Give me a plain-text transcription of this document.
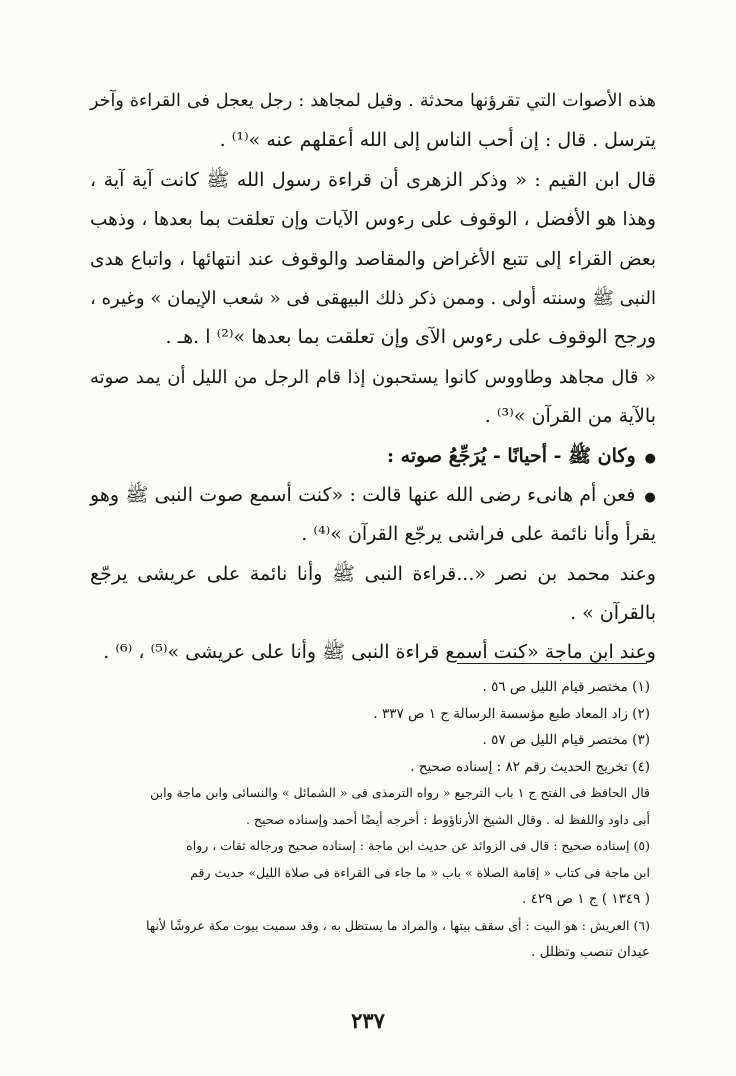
هذه الأصوات التي تقرؤنها محدثة . وقيل لمجاهد : رجل يعجل فى القراءة وآخر
يترسل . قال : إن أحب الناس إلى الله أعقلهم عنه »⁽¹⁾ .
قال ابن القيم : « وذكر الزهرى أن قراءة رسول الله ﷺ كانت آية آية ،
وهذا هو الأفضل ، الوقوف على رءوس الآيات وإن تعلقت بما بعدها ، وذهب
بعض القراء إلى تتبع الأغراض والمقاصد والوقوف عند انتهائها ، واتباع هدى
النبى ﷺ وسنته أولى . وممن ذكر ذلك البيهقى فى « شعب الإيمان » وغيره ،
ورجح الوقوف على رءوس الآى وإن تعلقت بما بعدها »⁽²⁾ ا .هـ .
« قال مجاهد وطاووس كانوا يستحبون إذا قام الرجل من الليل أن يمد صوته
بالآية من القرآن »⁽³⁾ .
● وكان ﷺ - أحيانًا - يُرَجِّعُ صوته :
● فعن أم هانىء رضى الله عنها قالت : «كنت أسمع صوت النبى ﷺ وهو
يقرأ وأنا نائمة على فراشى يرجّع القرآن »⁽⁴⁾ .
وعند محمد بن نصر «...قراءة النبى ﷺ وأنا نائمة على عريشى يرجّع
بالقرآن » .
وعند ابن ماجة «كنت أسمع قراءة النبى ﷺ وأنا على عريشى »⁽⁵⁾ ، ⁽⁶⁾ .
(١) مختصر قيام الليل ص ٥٦ .
(٢) زاد المعاد طبع مؤسسة الرسالة ج ١ ص ٣٣٧ .
(٣) مختصر قيام الليل ص ٥٧ .
(٤) تخريج الحديث رقم ٨٢ : إسناده صحيح .
قال الحافظ فى الفتح ج ١ باب الترجيع « رواه الترمذى فى « الشمائل » والنسائى وابن ماجة وابن
أبى داود واللفظ له . وقال الشيخ الأرناؤوط : أخرجه أيضًا أحمد وإسناده صحيح .
(٥) إسناده صحيح : قال فى الزوائد عن حديث ابن ماجة : إسناده صحيح ورجاله ثقات ، رواه
ابن ماجة فى كتاب « إقامة الصلاة » باب « ما جاء فى القراءة فى صلاة الليل» حديث رقم
( ١٣٤٩ ) ج ١ ص ٤٢٩ .
(٦) العريش : هو البيت : أى سقف بيتها ، والمراد ما يستظل به ، وقد سميت بيوت مكة عروشًا لأنها
عيدان تنصب وتظلل .
٢٣٧
